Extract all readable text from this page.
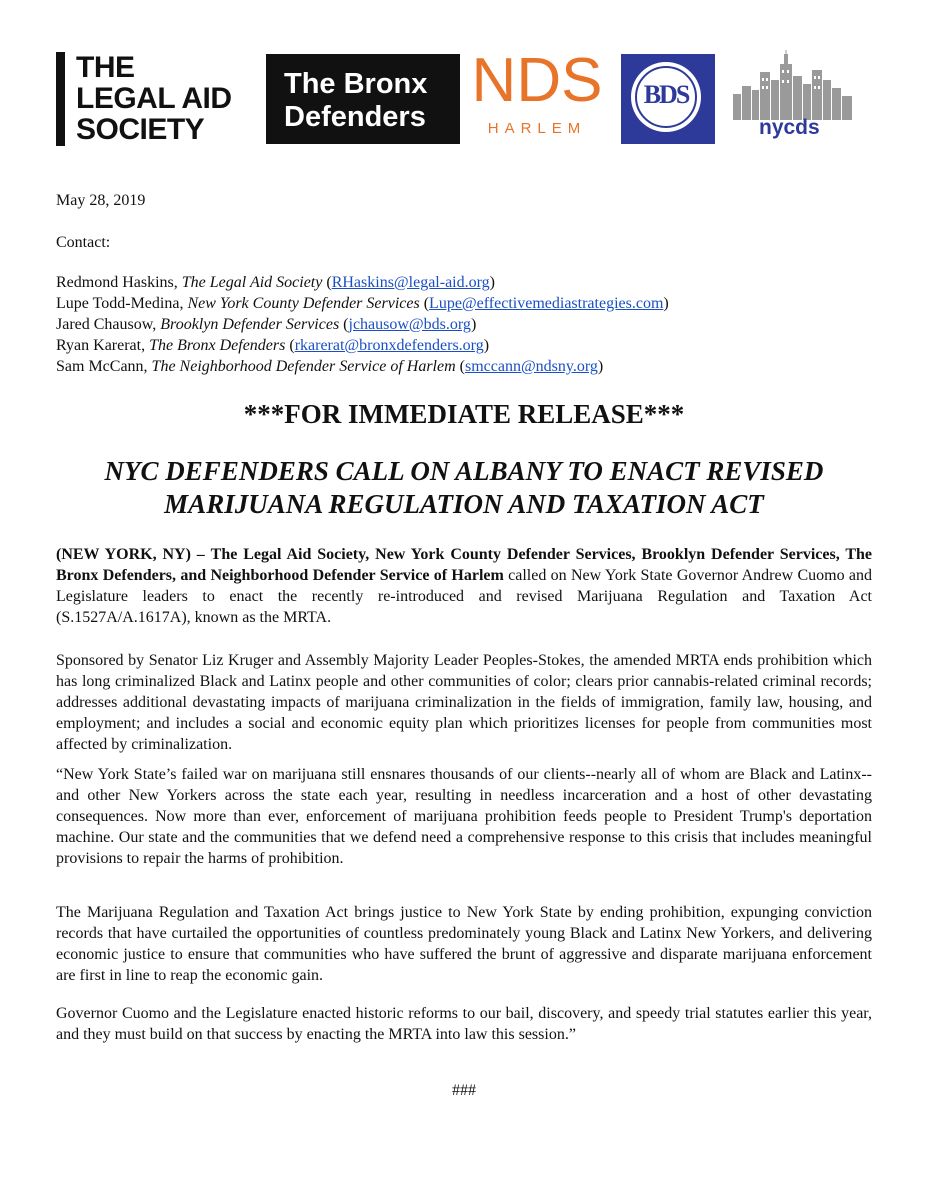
THE
LEGAL AID
SOCIETY
The Bronx
Defenders
NDS
HARLEM
BDS
nycds
May 28, 2019
Contact:
Redmond Haskins, The Legal Aid Society (RHaskins@legal-aid.org)
Lupe Todd-Medina, New York County Defender Services (Lupe@effectivemediastrategies.com)
Jared Chausow, Brooklyn Defender Services (jchausow@bds.org)
Ryan Karerat, The Bronx Defenders (rkarerat@bronxdefenders.org)
Sam McCann, The Neighborhood Defender Service of Harlem (smccann@ndsny.org)
***FOR IMMEDIATE RELEASE***
NYC DEFENDERS CALL ON ALBANY TO ENACT REVISED
MARIJUANA REGULATION AND TAXATION ACT
(NEW YORK, NY) – The Legal Aid Society, New York County Defender Services, Brooklyn Defender Services, The Bronx Defenders, and Neighborhood Defender Service of Harlem called on New York State Governor Andrew Cuomo and Legislature leaders to enact the recently re-introduced and revised Marijuana Regulation and Taxation Act (S.1527A/A.1617A), known as the MRTA.
Sponsored by Senator Liz Kruger and Assembly Majority Leader Peoples-Stokes, the amended MRTA ends prohibition which has long criminalized Black and Latinx people and other communities of color; clears prior cannabis-related criminal records; addresses additional devastating impacts of marijuana criminalization in the fields of immigration, family law, housing, and employment; and includes a social and economic equity plan which prioritizes licenses for people from communities most affected by criminalization.
“New York State’s failed war on marijuana still ensnares thousands of our clients--nearly all of whom are Black and Latinx--and other New Yorkers across the state each year, resulting in needless incarceration and a host of other devastating consequences. Now more than ever, enforcement of marijuana prohibition feeds people to President Trump's deportation machine. Our state and the communities that we defend need a comprehensive response to this crisis that includes meaningful provisions to repair the harms of prohibition.
The Marijuana Regulation and Taxation Act brings justice to New York State by ending prohibition, expunging conviction records that have curtailed the opportunities of countless predominately young Black and Latinx New Yorkers, and delivering economic justice to ensure that communities who have suffered the brunt of aggressive and disparate marijuana enforcement are first in line to reap the economic gain.
Governor Cuomo and the Legislature enacted historic reforms to our bail, discovery, and speedy trial statutes earlier this year, and they must build on that success by enacting the MRTA into law this session.”
###
